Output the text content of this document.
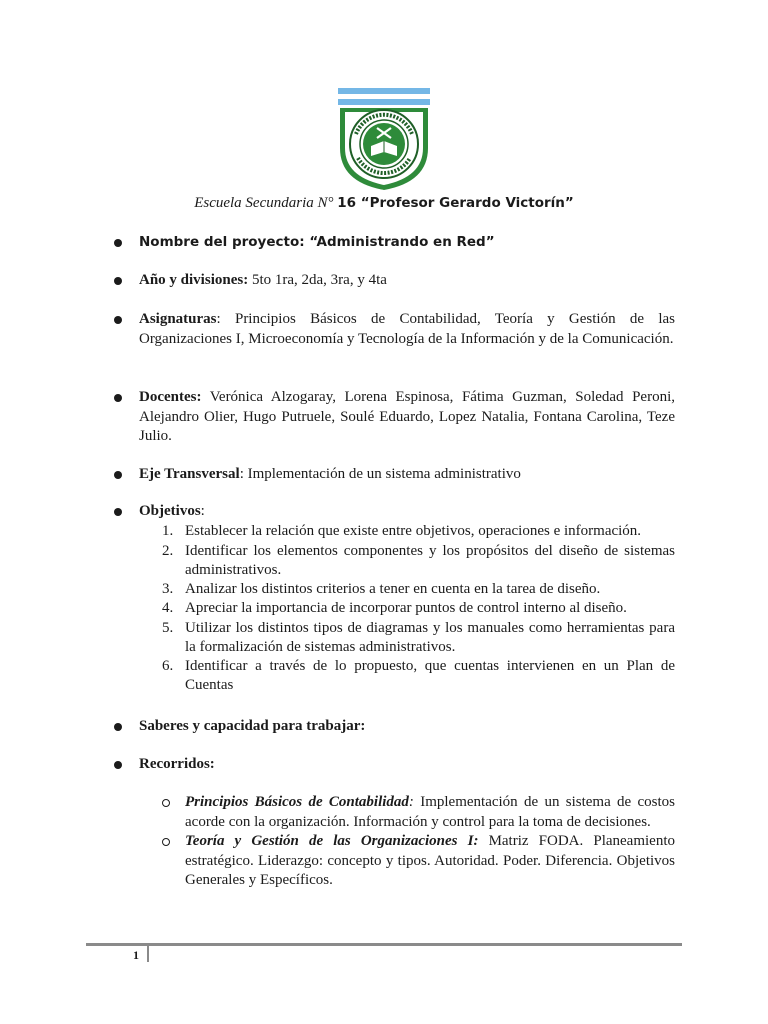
Escuela Secundaria N° 16 “Profesor Gerardo Victorín”
Nombre del proyecto: “Administrando en Red”
Año y divisiones: 5to 1ra, 2da, 3ra, y 4ta
Asignaturas: Principios Básicos de Contabilidad, Teoría y Gestión de las Organizaciones I, Microeconomía y Tecnología de la Información y de la Comunicación.
Docentes: Verónica Alzogaray, Lorena Espinosa, Fátima Guzman, Soledad Peroni, Alejandro Olier, Hugo Putruele, Soulé Eduardo, Lopez Natalia, Fontana Carolina, Teze Julio.
Eje Transversal: Implementación de un sistema administrativo
Objetivos:
1. Establecer la relación que existe entre objetivos, operaciones e información.
2. Identificar los elementos componentes y los propósitos del diseño de sistemas administrativos.
3. Analizar los distintos criterios a tener en cuenta en la tarea de diseño.
4. Apreciar la importancia de incorporar puntos de control interno al diseño.
5. Utilizar los distintos tipos de diagramas y los manuales como herramientas para la formalización de sistemas administrativos.
6. Identificar a través de lo propuesto, que cuentas intervienen en un Plan de Cuentas
Saberes y capacidad para trabajar:
Recorridos:
Principios Básicos de Contabilidad: Implementación de un sistema de costos acorde con la organización. Información y control para la toma de decisiones.
Teoría y Gestión de las Organizaciones I: Matriz FODA. Planeamiento estratégico. Liderazgo: concepto y tipos. Autoridad. Poder. Diferencia. Objetivos Generales y Específicos.
1
